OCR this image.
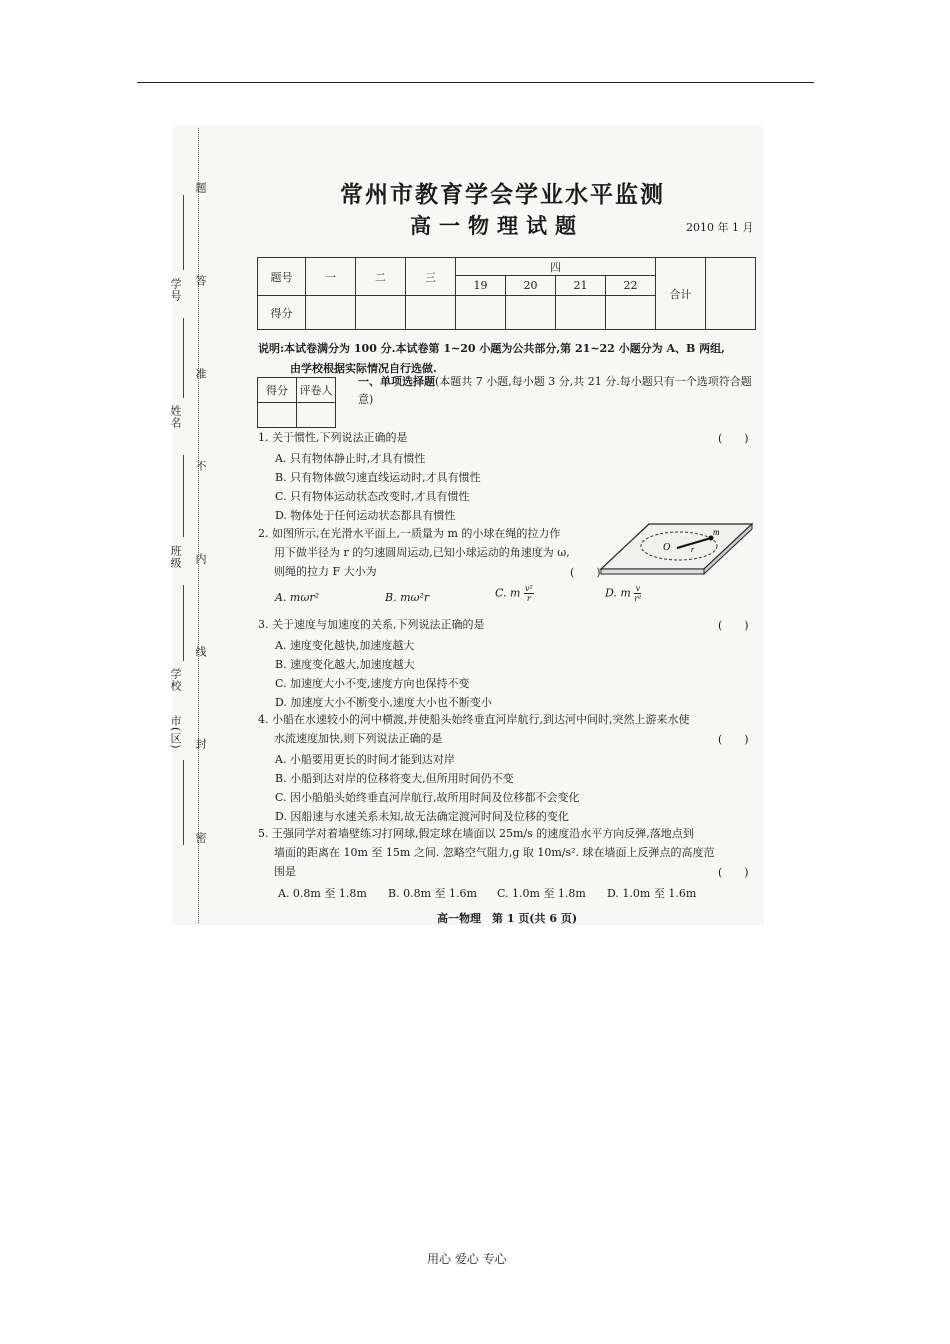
题
答
准
不
内
线
封
密
学号
姓名
班级
学校
市(区)
常州市教育学会学业水平监测
高一物理试题	2010 年 1 月
题号	一	二	三	四				合计	
				19	20	21	22		
得分									
说明:本试卷满分为 100 分.本试卷第 1~20 小题为公共部分,第 21~22 小题分为 A、B 两组,
由学校根据实际情况自行选做.
得分	评卷人

一、单项选择题(本题共 7 小题,每小题 3 分,共 21 分.每小题只有一个选项符合题意)
1. 关于惯性,下列说法正确的是	(　　)
A. 只有物体静止时,才具有惯性
B. 只有物体做匀速直线运动时,才具有惯性
C. 只有物体运动状态改变时,才具有惯性
D. 物体处于任何运动状态都具有惯性
2. 如图所示,在光滑水平面上,一质量为 m 的小球在绳的拉力作
用下做半径为 r 的匀速圆周运动,已知小球运动的角速度为 ω,
则绳的拉力 F 大小为	(　　)
O	r
m
A. mωr²	B. mω²r	C. m $\frac{\text{v²}}{r}$	D. m $\frac{v}{\text{r²}}$
3. 关于速度与加速度的关系,下列说法正确的是	(　　)
A. 速度变化越快,加速度越大
B. 速度变化越大,加速度越大
C. 加速度大小不变,速度方向也保持不变
D. 加速度大小不断变小,速度大小也不断变小
4. 小船在水速较小的河中横渡,并使船头始终垂直河岸航行,到达河中间时,突然上游来水使
水流速度加快,则下列说法正确的是	(　　)
A. 小船要用更长的时间才能到达对岸
B. 小船到达对岸的位移将变大,但所用时间仍不变
C. 因小船船头始终垂直河岸航行,故所用时间及位移都不会变化
D. 因船速与水速关系未知,故无法确定渡河时间及位移的变化
5. 王强同学对着墙壁练习打网球,假定球在墙面以 25m/s 的速度沿水平方向反弹,落地点到
墙面的距离在 10m 至 15m 之间. 忽略空气阻力,g 取 10m/s². 球在墙面上反弹点的高度范
围是	(　　)
A. 0.8m 至 1.8m B. 0.8m 至 1.6m C. 1.0m 至 1.8m D. 1.0m 至 1.6m
高一物理　第 1 页(共 6 页)
用心 爱心 专心
